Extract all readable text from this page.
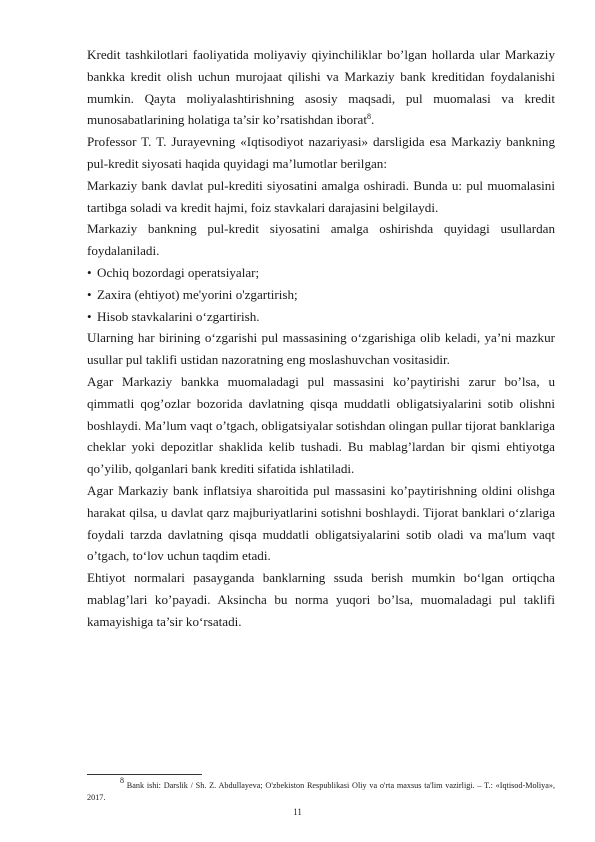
Kredit tashkilotlari faoliyatida moliyaviy qiyinchiliklar bo’lgan hollarda ular Markaziy bankka kredit olish uchun murojaat qilishi va Markaziy bank kreditidan foydalanishi mumkin. Qayta moliyalashtirishning asosiy maqsadi, pul muomalasi va kredit munosabatlarining holatiga ta’sir ko’rsatishdan iborat$^8$.

Professor T. T. Jurayevning «Iqtisodiyot nazariyasi» darsligida esa Markaziy bankning pul-kredit siyosati haqida quyidagi ma’lumotlar berilgan:

Markaziy bank davlat pul-krediti siyosatini amalga oshiradi. Bunda u: pul muomalasini tartibga soladi va kredit hajmi, foiz stavkalari darajasini belgilaydi.

Markaziy bankning pul-kredit siyosatini amalga oshirishda quyidagi usullardan foydalaniladi.

• Ochiq bozordagi operatsiyalar;
• Zaxira (ehtiyot) me'yorini o'zgartirish;
• Hisob stavkalarini o‘zgartirish.

Ularning har birining o‘zgarishi pul massasining o‘zgarishiga olib keladi, ya’ni mazkur usullar pul taklifi ustidan nazoratning eng moslashuvchan vositasidir.

Agar Markaziy bankka muomaladagi pul massasini ko’paytirishi zarur bo’lsa, u qimmatli qog’ozlar bozorida davlatning qisqa muddatli obligatsiyalarini sotib olishni boshlaydi. Ma’lum vaqt o’tgach, obligatsiyalar sotishdan olingan pullar tijorat banklariga cheklar yoki depozitlar shaklida kelib tushadi. Bu mablag’lardan bir qismi ehtiyotga qo’yilib, qolganlari bank krediti sifatida ishlatiladi.

Agar Markaziy bank inflatsiya sharoitida pul massasini ko’paytirishning oldini olishga harakat qilsa, u davlat qarz majburiyatlarini sotishni boshlaydi. Tijorat banklari o‘zlariga foydali tarzda davlatning qisqa muddatli obligatsiyalarini sotib oladi va ma'lum vaqt o’tgach, to‘lov uchun taqdim etadi.

Ehtiyot normalari pasayganda banklarning ssuda berish mumkin bo‘lgan ortiqcha mablag’lari ko’payadi. Aksincha bu norma yuqori bo’lsa, muomaladagi pul taklifi kamayishiga ta’sir ko‘rsatadi.

$^8$ Bank ishi: Darslik / Sh. Z. Abdullayeva; O'zbekiston Respublikasi Oliy va o'rta maxsus ta'lim vazirligi. – T.: «Iqtisod-Moliya», 2017.

11
